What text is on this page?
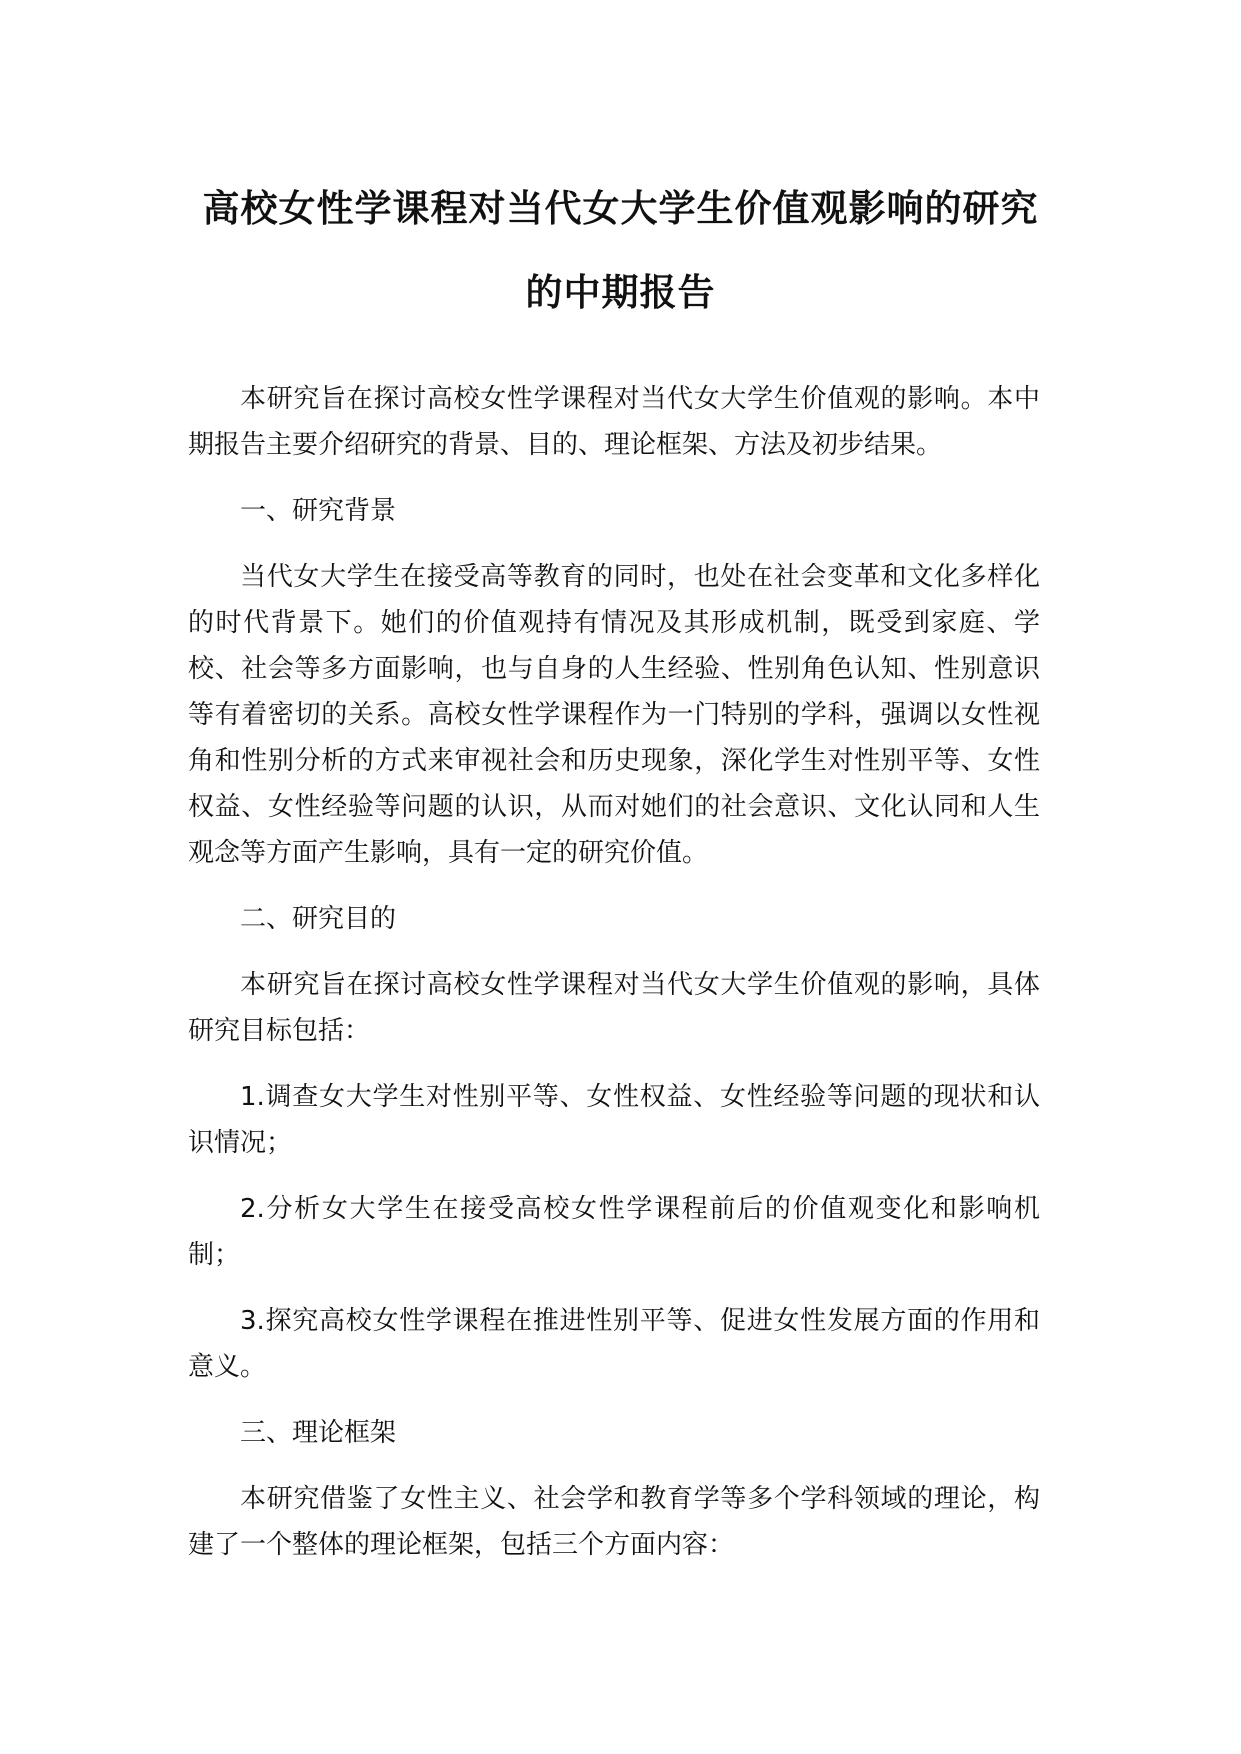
高校女性学课程对当代女大学生价值观影响的研究
的中期报告

本研究旨在探讨高校女性学课程对当代女大学生价值观的影响。本中期报告主要介绍研究的背景、目的、理论框架、方法及初步结果。

一、研究背景

当代女大学生在接受高等教育的同时，也处在社会变革和文化多样化的时代背景下。她们的价值观持有情况及其形成机制，既受到家庭、学校、社会等多方面影响，也与自身的人生经验、性别角色认知、性别意识等有着密切的关系。高校女性学课程作为一门特别的学科，强调以女性视角和性别分析的方式来审视社会和历史现象，深化学生对性别平等、女性权益、女性经验等问题的认识，从而对她们的社会意识、文化认同和人生观念等方面产生影响，具有一定的研究价值。

二、研究目的

本研究旨在探讨高校女性学课程对当代女大学生价值观的影响，具体研究目标包括：

1.调查女大学生对性别平等、女性权益、女性经验等问题的现状和认识情况；

2.分析女大学生在接受高校女性学课程前后的价值观变化和影响机制；

3.探究高校女性学课程在推进性别平等、促进女性发展方面的作用和意义。

三、理论框架

本研究借鉴了女性主义、社会学和教育学等多个学科领域的理论，构建了一个整体的理论框架，包括三个方面内容：
